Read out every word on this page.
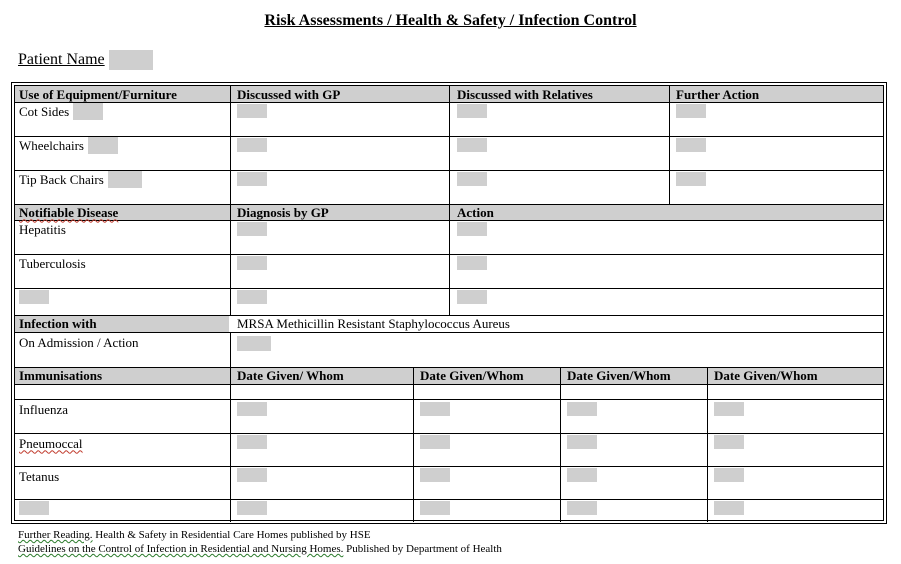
Risk Assessments / Health & Safety / Infection Control
Patient Name
Use of Equipment/Furniture	Discussed with GP	Discussed with Relatives	Further Action
Cot Sides
Wheelchairs
Tip Back Chairs
Notifiable Disease	Diagnosis by GP	Action
Hepatitis
Tuberculosis
Infection with	MRSA Methicillin Resistant Staphylococcus Aureus
On Admission / Action
Immunisations	Date Given/ Whom	Date Given/Whom	Date Given/Whom	Date Given/Whom
Influenza
Pneumoccal
Tetanus
Further Reading. Health & Safety in Residential Care Homes published by HSE
Guidelines on the Control of Infection in Residential and Nursing Homes. Published by Department of Health
